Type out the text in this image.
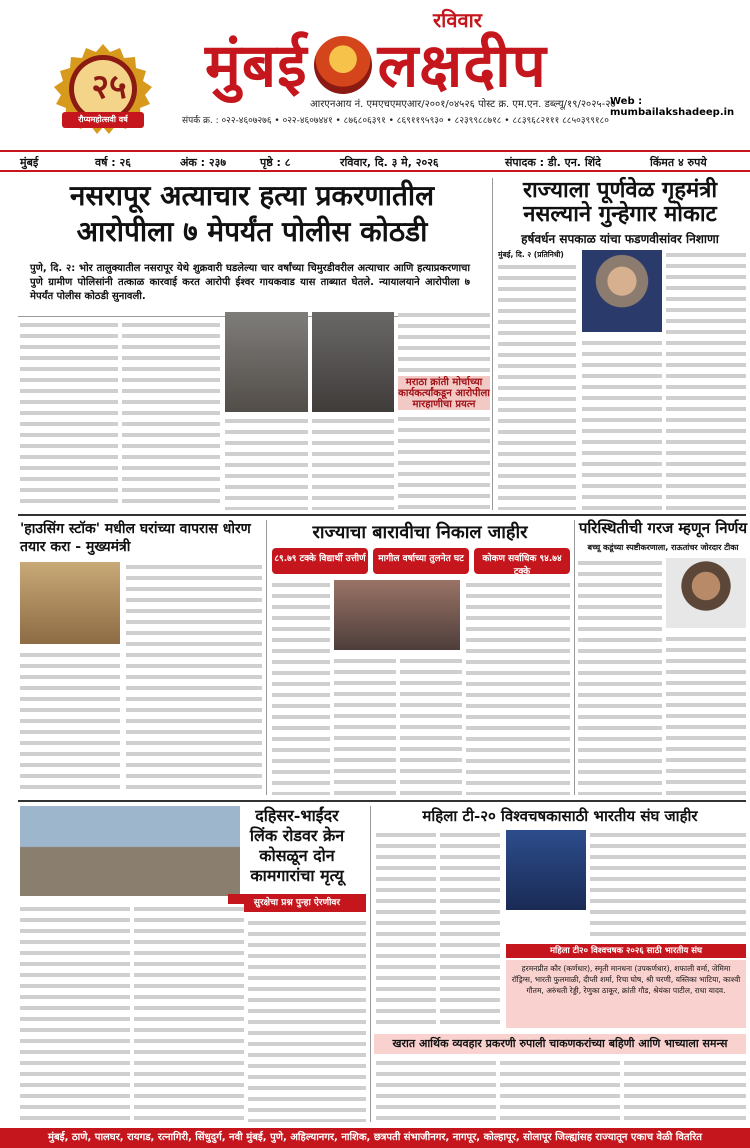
२५
रौप्यमहोत्सवी वर्ष
रविवार
मुंबई लक्षदीप
आरएनआय नं. एमएचएमएआर/२००१/०४५२६ पोस्ट क्र. एम.एन. डब्ल्यू/१९/२०२५-२७
Web : mumbailakshadeep.in
संपर्क क्र. : ०२२-४६०७२७६ • ०२२-४६०७४४१ • ८७६८०६३९१ • ८६९११९५९३० • ८२३९९८८७१८ • ८८३९६८२१११ ८८५०३९९१८०
मुंबई	वर्ष : २६	अंक : २३७	पृष्ठे : ८	रविवार, दि. ३ मे, २०२६	संपादक : डी. एन. शिंदे	किंमत ४ रुपये
नसरापूर अत्याचार हत्या प्रकरणातील
आरोपीला ७ मेपर्यंत पोलीस कोठडी
पुणे, दि. २: भोर तालुक्यातील नसरापूर येथे शुक्रवारी घडलेल्या चार वर्षांच्या चिमुरडीवरील अत्याचार आणि हत्याप्रकरणाचा पुणे ग्रामीण पोलिसांनी तत्काळ कारवाई करत आरोपी ईश्वर गायकवाड यास ताब्यात घेतले. न्यायालयाने आरोपीला ७ मेपर्यंत पोलीस कोठडी सुनावली.
मराठा क्रांती मोर्चाच्या कार्यकर्त्यांकडून आरोपीला मारहाणीचा प्रयत्न
राज्याला पूर्णवेळ गृहमंत्री
नसल्याने गुन्हेगार मोकाट
हर्षवर्धन सपकाळ यांचा फडणवीसांवर निशाणा
मुंबई, दि. २ (प्रतिनिधी)
'हाउसिंग स्टॉक' मधील घरांच्या वापरास धोरण तयार करा - मुख्यमंत्री
राज्याचा बारावीचा निकाल जाहीर
८९.७९ टक्के विद्यार्थी उत्तीर्ण	मागील वर्षाच्या तुलनेत घट	कोकण सर्वाधिक ९४.७४ टक्के
परिस्थितीची गरज म्हणून निर्णय
बच्चू कडूंच्या स्पष्टीकरणाला, राऊतांचर जोरदार टीका
दहिसर-भाईंदर
लिंक रोडवर क्रेन
कोसळून दोन
कामगारांचा मृत्यू
सुरक्षेचा प्रश्न पुन्हा ऐरणीवर
महिला टी-२० विश्वचषकासाठी भारतीय संघ जाहीर
महिला टी२० विश्वचषक २०२६ साठी भारतीय संघ
हरमनप्रीत कौर (कर्णधार), स्मृती मानधना (उपकर्णधार), शफाली वर्मा, जेमिमा रॉड्रिग्स, भारती फुलमाळी, दीप्ती शर्मा, रिचा घोष, श्री चरणी, यस्तिका भाटिया, काश्वी गौतम, अरुंधती रेड्डी, रेणुका ठाकूर, क्रांती गौड, श्रेयंका पाटील, राधा यादव.
खरात आर्थिक व्यवहार प्रकरणी रुपाली चाकणकरांच्या बहिणी आणि भाच्याला समन्स
मुंबई, ठाणे, पालघर, रायगड, रत्नागिरी, सिंधुदुर्ग, नवी मुंबई, पुणे, अहिल्यानगर, नाशिक, छत्रपती संभाजीनगर, नागपूर, कोल्हापूर, सोलापूर जिल्ह्यांसह राज्यातून एकाच वेळी वितरित
